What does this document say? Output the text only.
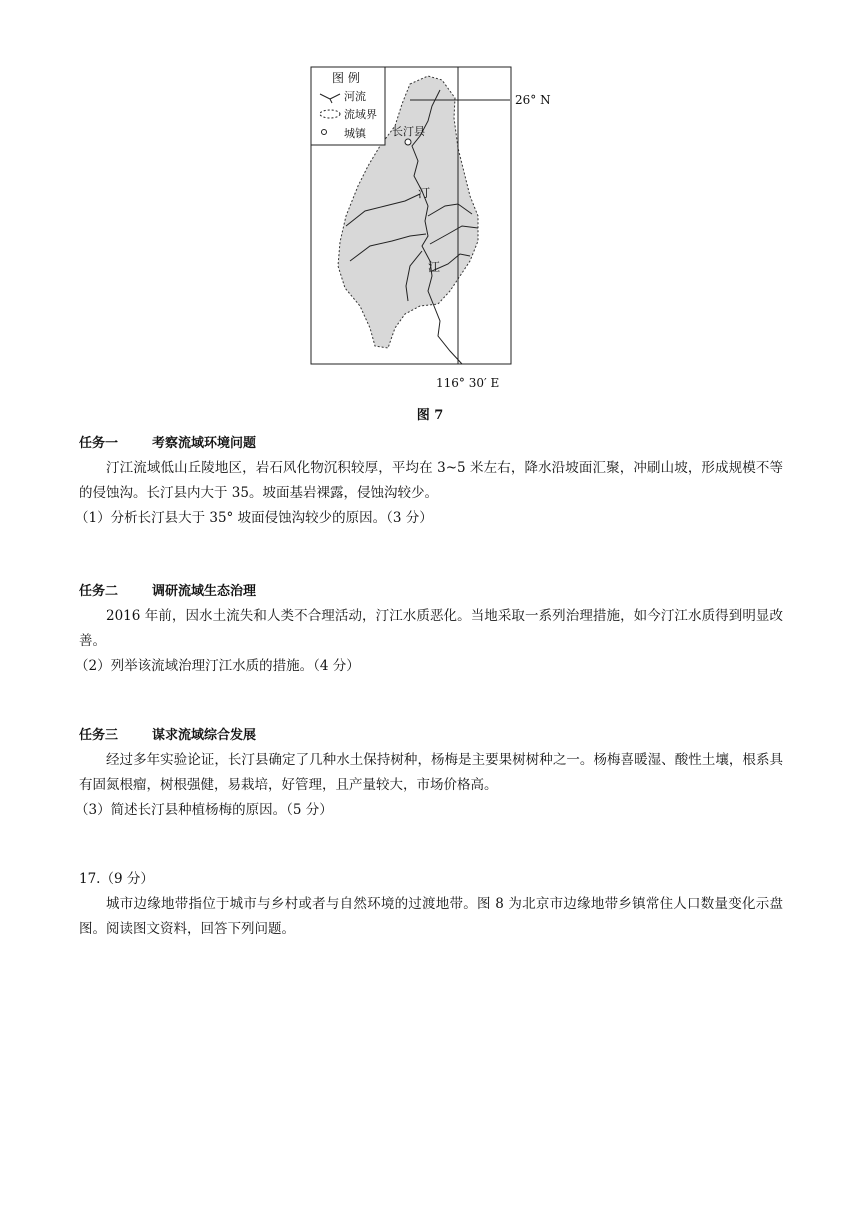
图 例
河流
流域界
城镇
26° N
长汀县
汀
江
116° 30′ E
图 7

任务一	考察流域环境问题

汀江流域低山丘陵地区，岩石风化物沉积较厚，平均在 3~5 米左右，降水沿坡面汇聚，冲刷山坡，形成规模不等的侵蚀沟。长汀县内大于 35。坡面基岩裸露，侵蚀沟较少。

（1）分析长汀县大于 35° 坡面侵蚀沟较少的原因。（3 分）

任务二	调研流域生态治理

2016 年前，因水土流失和人类不合理活动，汀江水质恶化。当地采取一系列治理措施，如今汀江水质得到明显改善。

（2）列举该流域治理汀江水质的措施。（4 分）

任务三	谋求流域综合发展

经过多年实验论证，长汀县确定了几种水土保持树种，杨梅是主要果树树种之一。杨梅喜暖湿、酸性土壤，根系具有固氮根瘤，树根强健，易栽培，好管理，且产量较大，市场价格高。

（3）简述长汀县种植杨梅的原因。（5 分）

17.（9 分）

城市边缘地带指位于城市与乡村或者与自然环境的过渡地带。图 8 为北京市边缘地带乡镇常住人口数量变化示盘图。阅读图文资料，回答下列问题。
